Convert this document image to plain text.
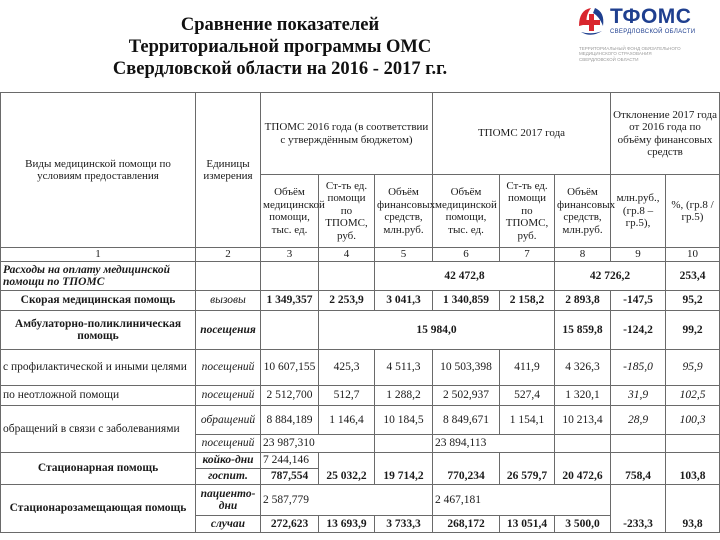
Сравнение показателей
Территориальной программы ОМС
Свердловской области на 2016 - 2017 г.г.
ТФОМС
СВЕРДЛОВСКОЙ ОБЛАСТИ
ТЕРРИТОРИАЛЬНЫЙ ФОНД ОБЯЗАТЕЛЬНОГО МЕДИЦИНСКОГО СТРАХОВАНИЯ СВЕРДЛОВСКОЙ ОБЛАСТИ
Виды медицинской помощи по условиям предоставления	Единицы измерения	ТПОМС 2016 года (в соответствии с утверждённым бюджетом)			ТПОМС 2017 года			Отклонение 2017 года от 2016 года по объёму финансовых средств		
		Объём медицинской помощи, тыс. ед.	Ст-ть ед. помощи по ТПОМС, руб.	Объём финансовых средств, млн.руб.	Объём медицинской помощи, тыс. ед.	Ст-ть ед. помощи по ТПОМС, руб.	Объём финансовых средств, млн.руб.	млн.руб., (гр.8 – гр.5),	%, (гр.8 / гр.5)	
1	2	3	4	5	6	7	8	9	10	
Расходы на оплату медицинской помощи по ТПОМС				42 472,8			42 726,2		253,4	
Скорая медицинская помощь	вызовы	1 349,357	2 253,9	3 041,3	1 340,859	2 158,2	2 893,8	-147,5	95,2	
Амбулаторно-поликлиническая помощь	посещения		15 984,0				15 859,8	-124,2	99,2	
с профилактической и иными целями	посещений	10 607,155	425,3	4 511,3	10 503,398	411,9	4 326,3	-185,0	95,9	
по неотложной помощи	посещений	2 512,700	512,7	1 288,2	2 502,937	527,4	1 320,1	31,9	102,5	
обращений в связи с заболеваниями	обращений	8 884,189	1 146,4	10 184,5	8 849,671	1 154,1	10 213,4	28,9	100,3	
	посещений	23 987,310			23 894,113					
Стационарная помощь	койко-дни	7 244,146								
	госпит.	787,554	25 032,2	19 714,2	770,234	26 579,7	20 472,6	758,4	103,8	
Стационарозамещающая помощь	пациенто-дни	2 587,779			2 467,181					
	случаи	272,623	13 693,9	3 733,3	268,172	13 051,4	3 500,0	-233,3	93,8	
